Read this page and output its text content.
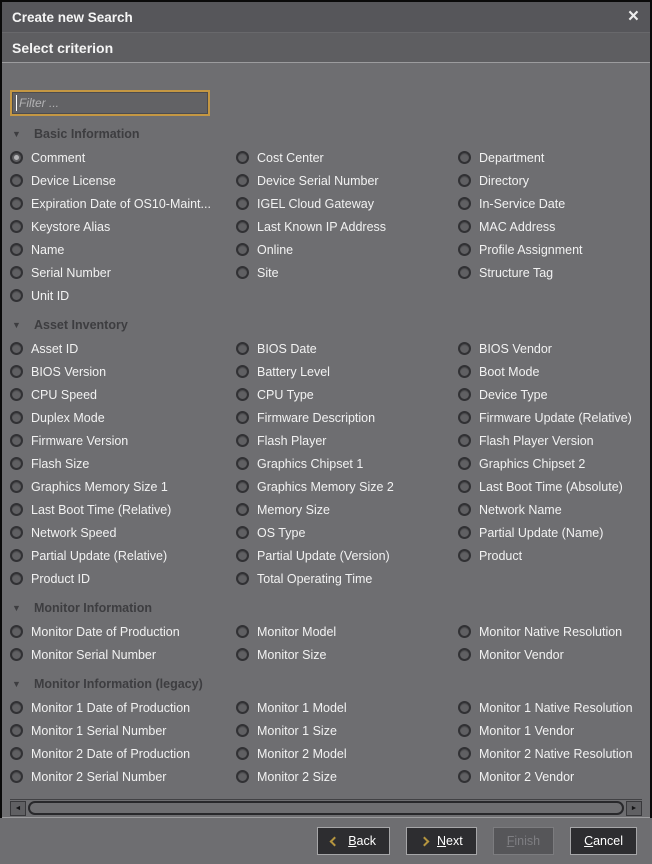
Create new Search	×
Select criterion
Filter ...
▼	Basic Information
Comment	Cost Center	Department
Device License	Device Serial Number	Directory
Expiration Date of OS10-Maint...	IGEL Cloud Gateway	In-Service Date
Keystore Alias	Last Known IP Address	MAC Address
Name	Online	Profile Assignment
Serial Number	Site	Structure Tag
Unit ID
▼	Asset Inventory
Asset ID	BIOS Date	BIOS Vendor
BIOS Version	Battery Level	Boot Mode
CPU Speed	CPU Type	Device Type
Duplex Mode	Firmware Description	Firmware Update (Relative)
Firmware Version	Flash Player	Flash Player Version
Flash Size	Graphics Chipset 1	Graphics Chipset 2
Graphics Memory Size 1	Graphics Memory Size 2	Last Boot Time (Absolute)
Last Boot Time (Relative)	Memory Size	Network Name
Network Speed	OS Type	Partial Update (Name)
Partial Update (Relative)	Partial Update (Version)	Product
Product ID	Total Operating Time
▼	Monitor Information
Monitor Date of Production	Monitor Model	Monitor Native Resolution
Monitor Serial Number	Monitor Size	Monitor Vendor
▼	Monitor Information (legacy)
Monitor 1 Date of Production	Monitor 1 Model	Monitor 1 Native Resolution
Monitor 1 Serial Number	Monitor 1 Size	Monitor 1 Vendor
Monitor 2 Date of Production	Monitor 2 Model	Monitor 2 Native Resolution
Monitor 2 Serial Number	Monitor 2 Size	Monitor 2 Vendor
◄	►
Back	Next	Finish	Cancel
